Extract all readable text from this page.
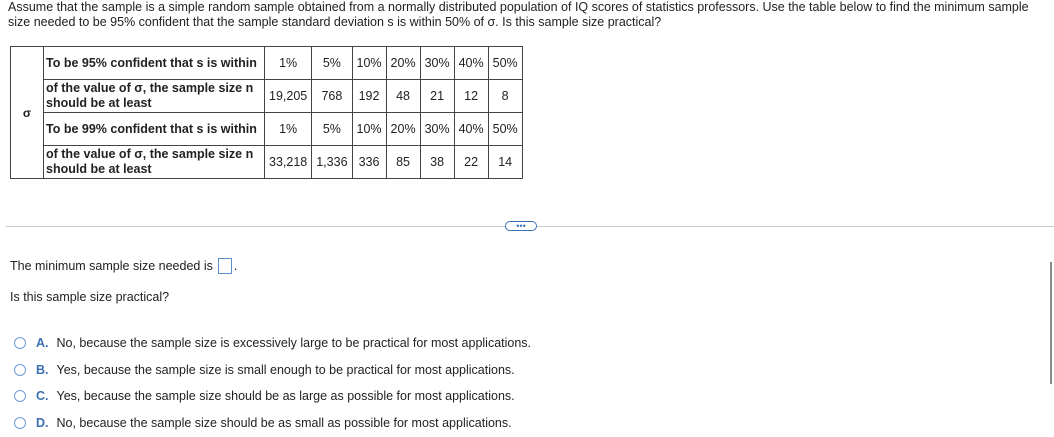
Assume that the sample is a simple random sample obtained from a normally distributed population of IQ scores of statistics professors. Use the table below to find the minimum sample size needed to be 95% confident that the sample standard deviation s is within 50% of σ. Is this sample size practical?
σ	To be 95% confident that s is within	1%	5%	10%	20%	30%	40%	50%
	of the value of σ, the sample size n should be at least	19,205	768	192	48	21	12	8
	To be 99% confident that s is within	1%	5%	10%	20%	30%	40%	50%
	of the value of σ, the sample size n should be at least	33,218	1,336	336	85	38	22	14
•••
The minimum sample size needed is .
Is this sample size practical?
A. No, because the sample size is excessively large to be practical for most applications.
B. Yes, because the sample size is small enough to be practical for most applications.
C. Yes, because the sample size should be as large as possible for most applications.
D. No, because the sample size should be as small as possible for most applications.
